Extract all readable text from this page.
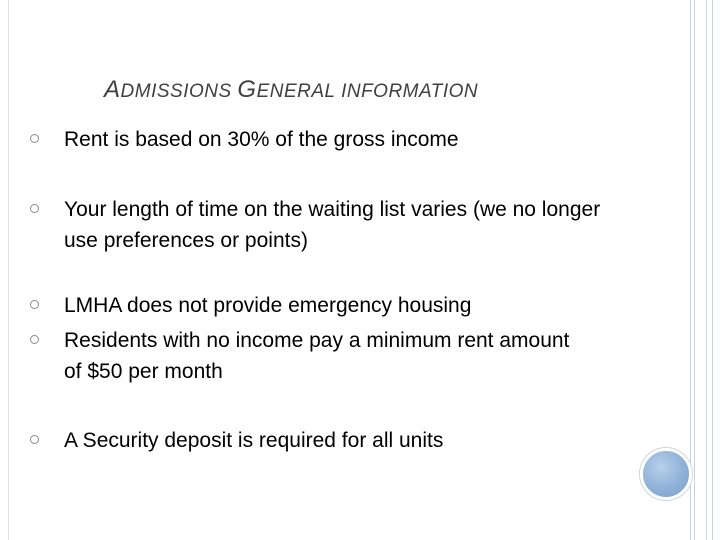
ADMISSIONS GENERAL INFORMATION
Rent is based on 30% of the gross income
Your length of time on the waiting list varies (we no longer use preferences or points)
LMHA does not provide emergency housing
Residents with no income pay a minimum rent amount of $50 per month
A Security deposit is required for all units
